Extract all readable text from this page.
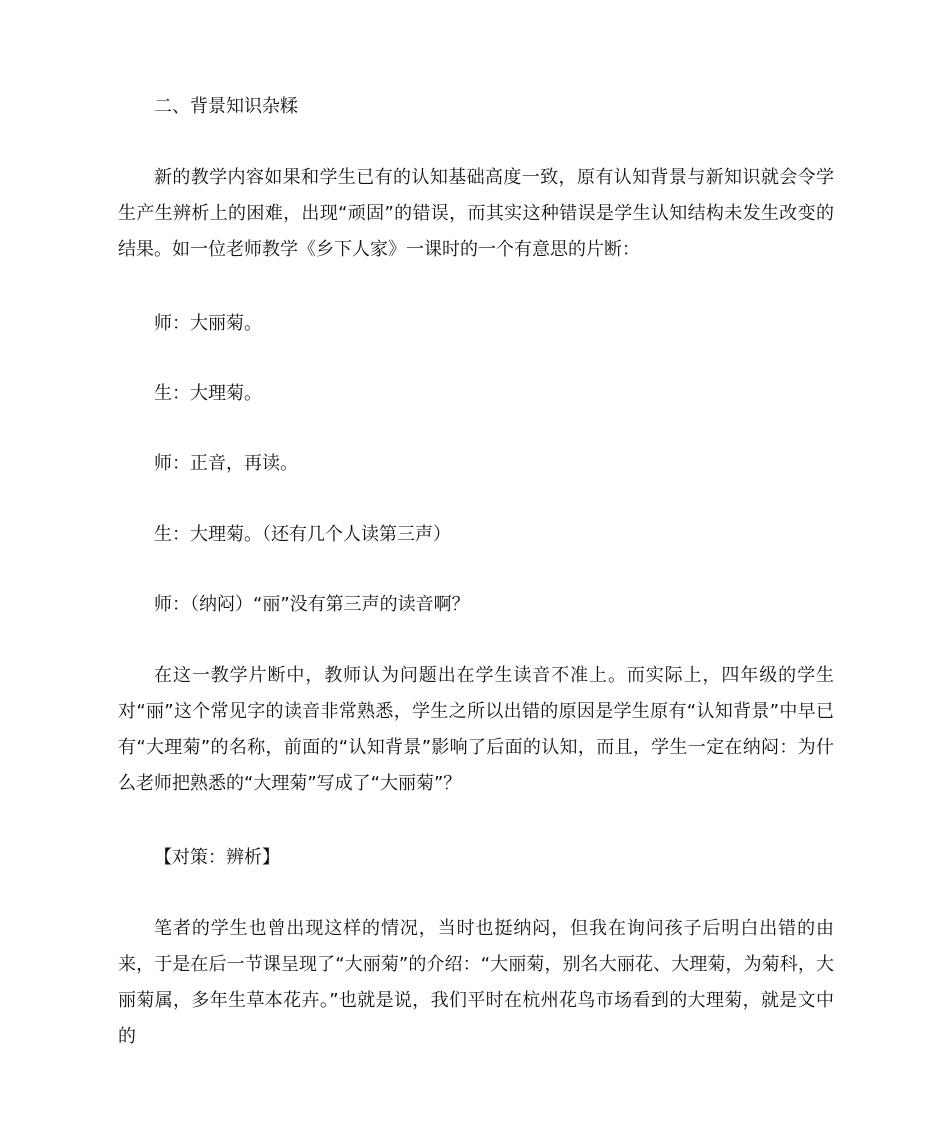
二、背景知识杂糅

新的教学内容如果和学生已有的认知基础高度一致，原有认知背景与新知识就会令学生产生辨析上的困难，出现“顽固”的错误，而其实这种错误是学生认知结构未发生改变的结果。如一位老师教学《乡下人家》一课时的一个有意思的片断：

师：大丽菊。

生：大理菊。

师：正音，再读。

生：大理菊。（还有几个人读第三声）

师：（纳闷）“丽”没有第三声的读音啊？

在这一教学片断中，教师认为问题出在学生读音不准上。而实际上，四年级的学生对“丽”这个常见字的读音非常熟悉，学生之所以出错的原因是学生原有“认知背景”中早已有“大理菊”的名称，前面的“认知背景”影响了后面的认知，而且，学生一定在纳闷：为什么老师把熟悉的“大理菊”写成了“大丽菊”？

【对策：辨析】

笔者的学生也曾出现这样的情况，当时也挺纳闷，但我在询问孩子后明白出错的由来，于是在后一节课呈现了“大丽菊”的介绍：“大丽菊，别名大丽花、大理菊，为菊科，大丽菊属，多年生草本花卉。”也就是说，我们平时在杭州花鸟市场看到的大理菊，就是文中的
